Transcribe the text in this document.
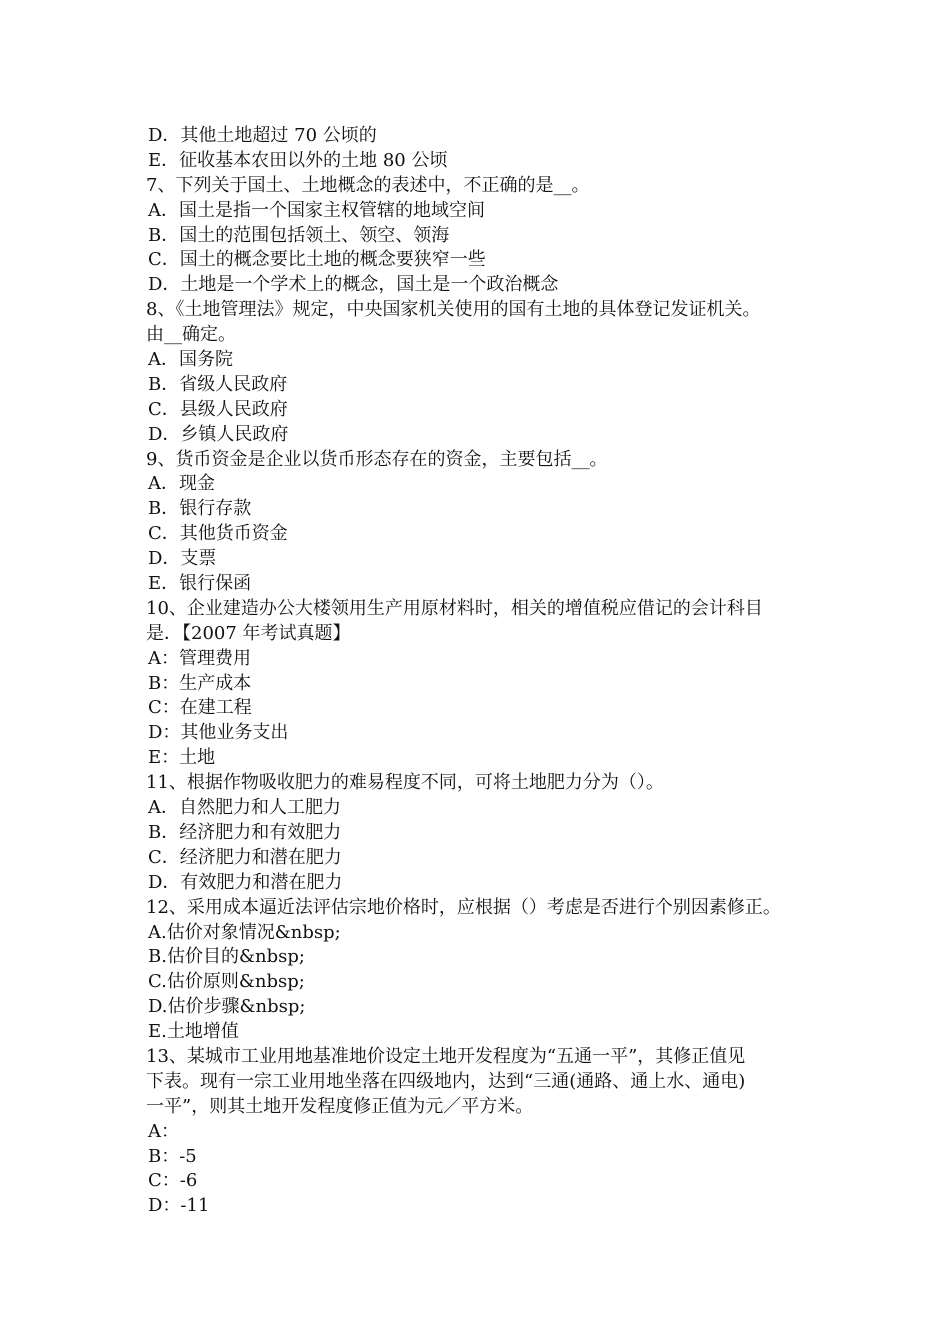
D．其他土地超过 70 公顷的
E．征收基本农田以外的土地 80 公顷
7、下列关于国土、土地概念的表述中，不正确的是__。
A．国土是指一个国家主权管辖的地域空间
B．国土的范围包括领土、领空、领海
C．国土的概念要比土地的概念要狭窄一些
D．土地是一个学术上的概念，国土是一个政治概念
8、《土地管理法》规定，中央国家机关使用的国有土地的具体登记发证机关。
由__确定。
A．国务院
B．省级人民政府
C．县级人民政府
D．乡镇人民政府
9、货币资金是企业以货币形态存在的资金，主要包括__。
A．现金
B．银行存款
C．其他货币资金
D．支票
E．银行保函
10、企业建造办公大楼领用生产用原材料时，相关的增值税应借记的会计科目
是．【2007 年考试真题】
A：管理费用
B：生产成本
C：在建工程
D：其他业务支出
E：土地
11、根据作物吸收肥力的难易程度不同，可将土地肥力分为（）。
A．自然肥力和人工肥力
B．经济肥力和有效肥力
C．经济肥力和潜在肥力
D．有效肥力和潜在肥力
12、采用成本逼近法评估宗地价格时，应根据（）考虑是否进行个别因素修正。
A.估价对象情况&nbsp;
B.估价目的&nbsp;
C.估价原则&nbsp;
D.估价步骤&nbsp;
E.土地增值
13、某城市工业用地基准地价设定土地开发程度为“五通一平”，其修正值见
下表。现有一宗工业用地坐落在四级地内，达到“三通(通路、通上水、通电)
一平”，则其土地开发程度修正值为元／平方米。
A：
B：-5
C：-6
D：-11
